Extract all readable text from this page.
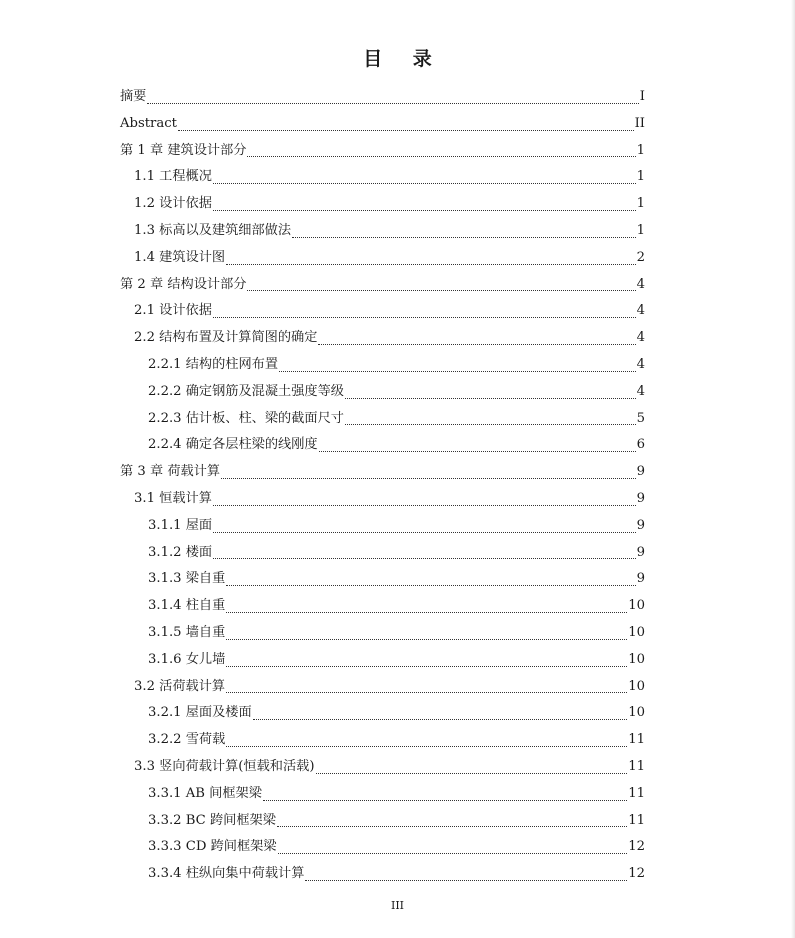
目 录
摘要	I
Abstract	II
第 1 章 建筑设计部分	1
1.1 工程概况	1
1.2 设计依据	1
1.3 标高以及建筑细部做法	1
1.4 建筑设计图	2
第 2 章 结构设计部分	4
2.1 设计依据	4
2.2 结构布置及计算简图的确定	4
2.2.1 结构的柱网布置	4
2.2.2 确定钢筋及混凝土强度等级	4
2.2.3 估计板、柱、梁的截面尺寸	5
2.2.4 确定各层柱梁的线刚度	6
第 3 章 荷载计算	9
3.1 恒载计算	9
3.1.1 屋面	9
3.1.2 楼面	9
3.1.3 梁自重	9
3.1.4 柱自重	10
3.1.5 墙自重	10
3.1.6 女儿墙	10
3.2 活荷载计算	10
3.2.1 屋面及楼面	10
3.2.2 雪荷载	11
3.3 竖向荷载计算(恒载和活载)	11
3.3.1 AB 间框架梁	11
3.3.2 BC 跨间框架梁	11
3.3.3 CD 跨间框架梁	12
3.3.4 柱纵向集中荷载计算	12
III
